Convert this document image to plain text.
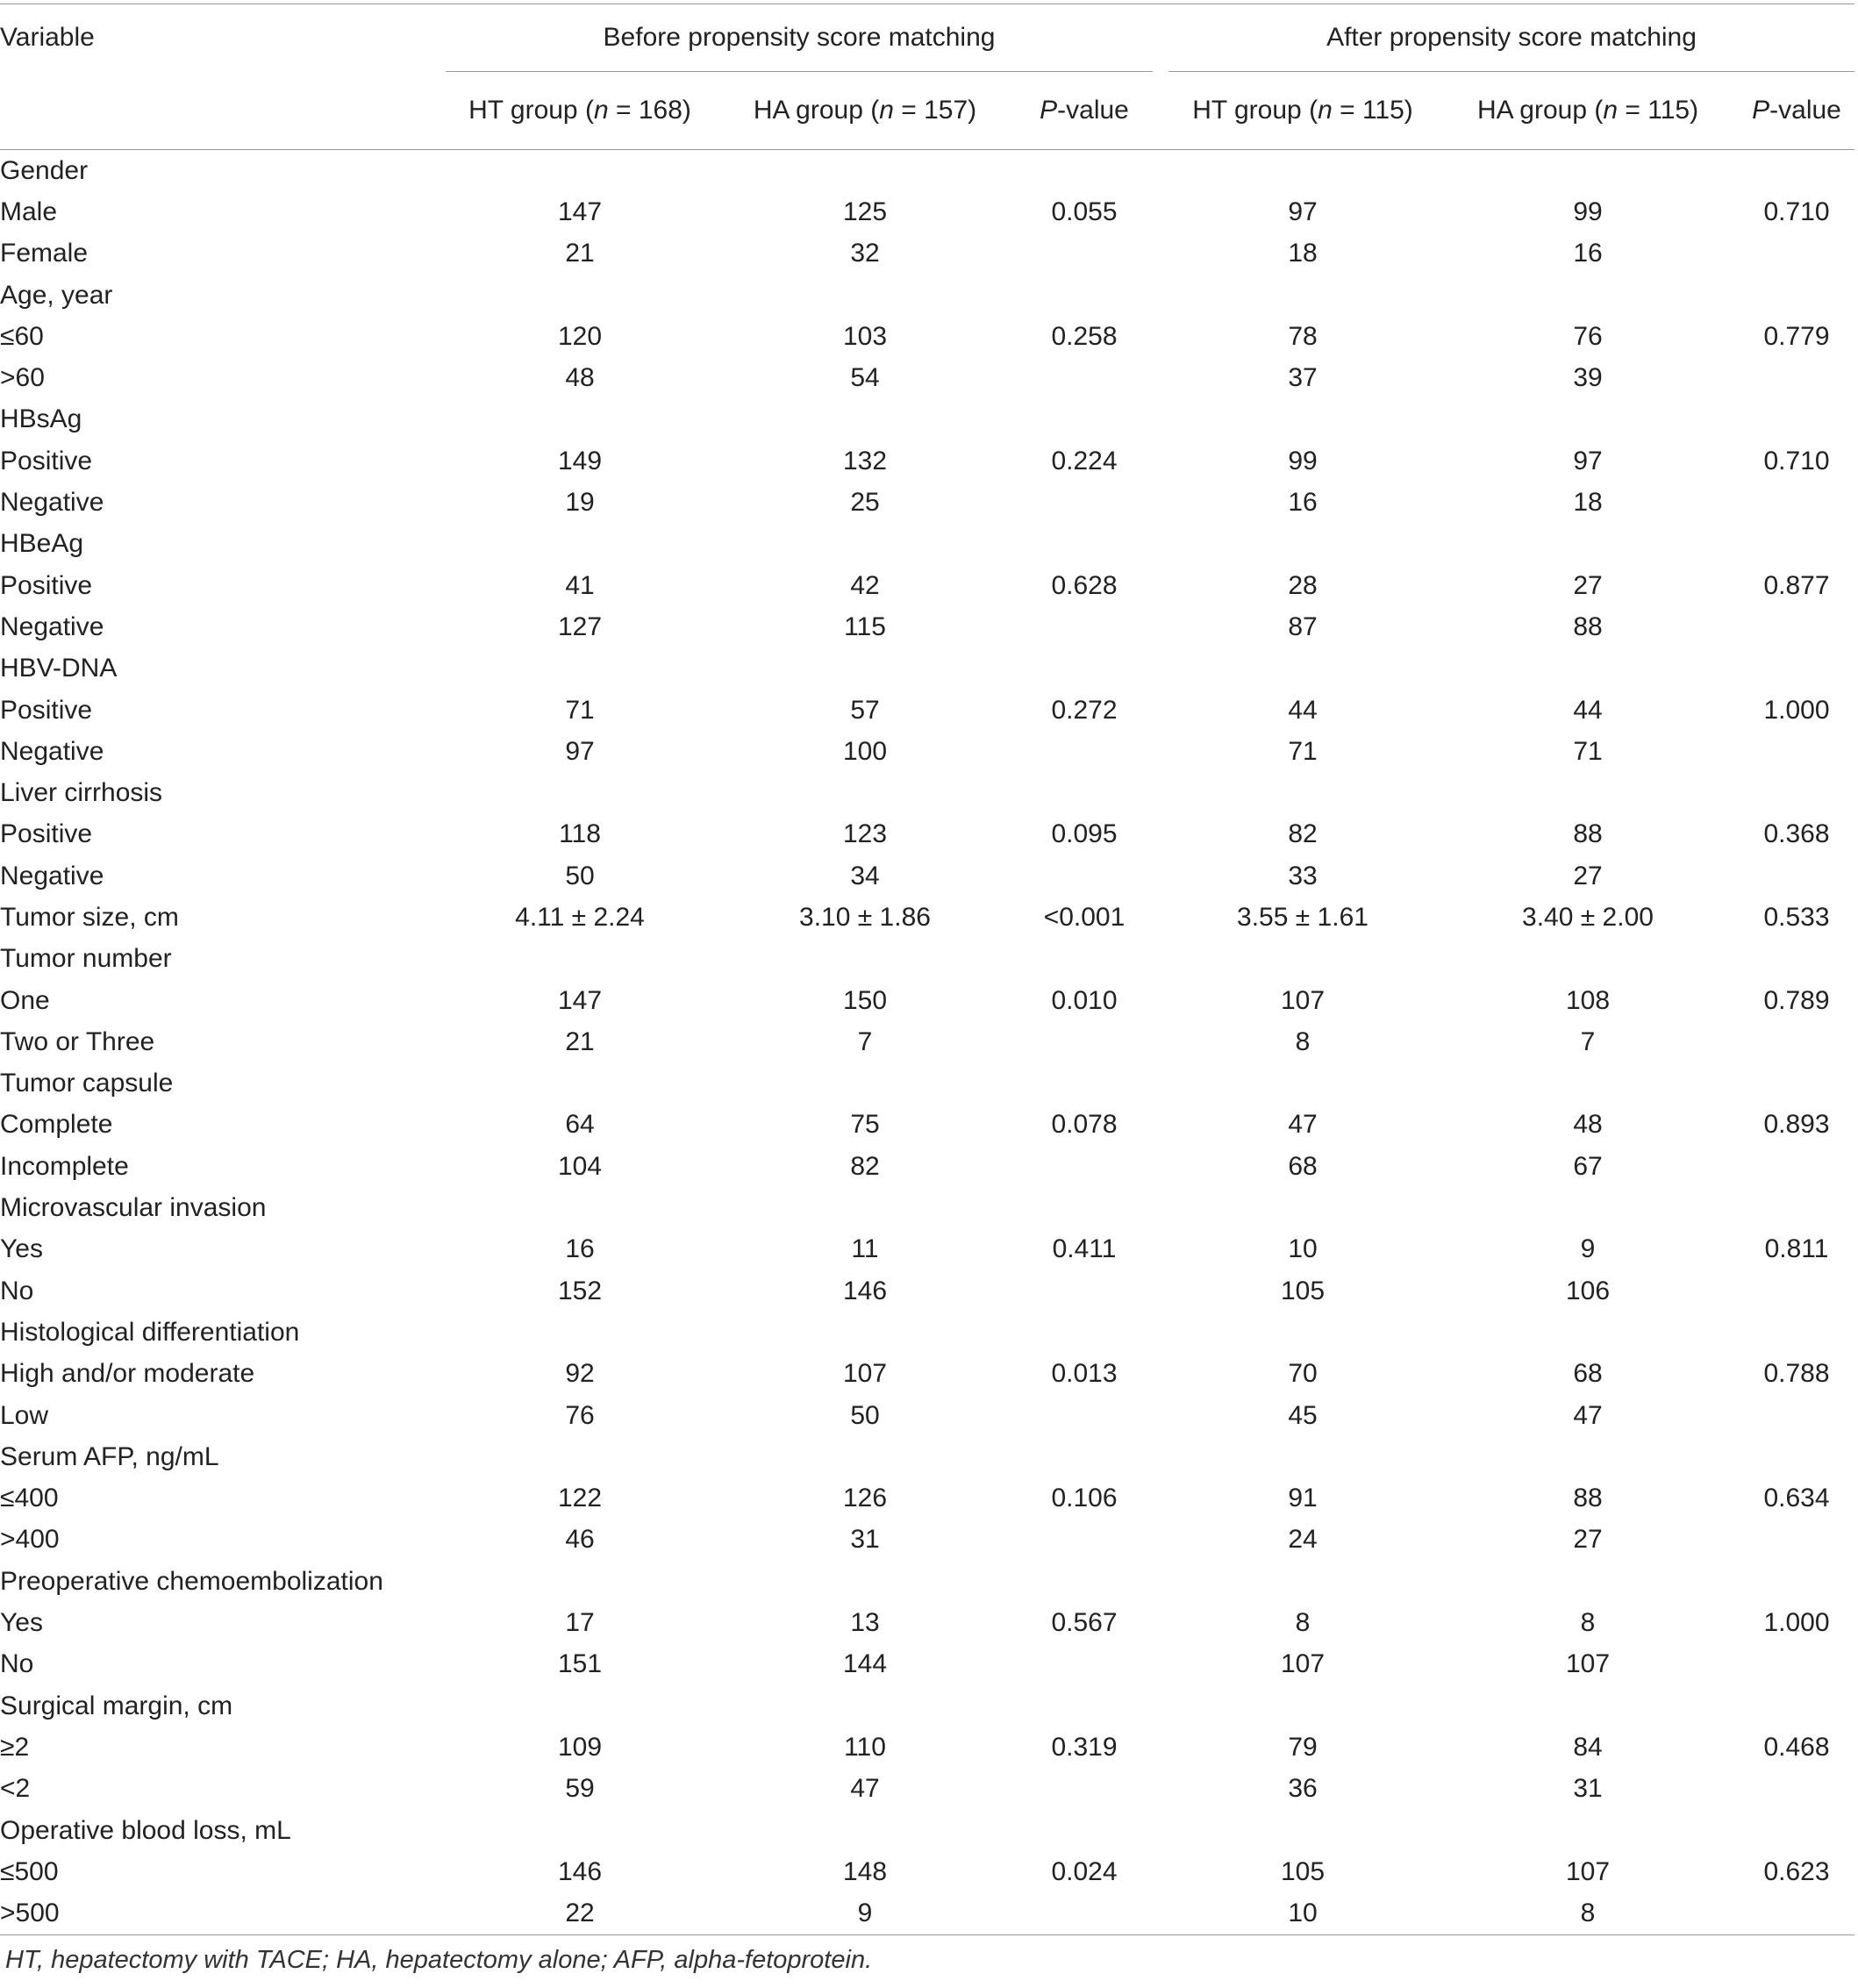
Variable	Before propensity score matching				After propensity score matching		
	HT group (n = 168)	HA group (n = 157)	P-value		HT group (n = 115)	HA group (n = 115)	P-value
Gender							
Male	147	125	0.055		97	99	0.710
Female	21	32			18	16	
Age, year							
≤60	120	103	0.258		78	76	0.779
>60	48	54			37	39	
HBsAg							
Positive	149	132	0.224		99	97	0.710
Negative	19	25			16	18	
HBeAg							
Positive	41	42	0.628		28	27	0.877
Negative	127	115			87	88	
HBV-DNA							
Positive	71	57	0.272		44	44	1.000
Negative	97	100			71	71	
Liver cirrhosis							
Positive	118	123	0.095		82	88	0.368
Negative	50	34			33	27	
Tumor size, cm	4.11 ± 2.24	3.10 ± 1.86	<0.001		3.55 ± 1.61	3.40 ± 2.00	0.533
Tumor number							
One	147	150	0.010		107	108	0.789
Two or Three	21	7			8	7	
Tumor capsule							
Complete	64	75	0.078		47	48	0.893
Incomplete	104	82			68	67	
Microvascular invasion							
Yes	16	11	0.411		10	9	0.811
No	152	146			105	106	
Histological differentiation							
High and/or moderate	92	107	0.013		70	68	0.788
Low	76	50			45	47	
Serum AFP, ng/mL							
≤400	122	126	0.106		91	88	0.634
>400	46	31			24	27	
Preoperative chemoembolization							
Yes	17	13	0.567		8	8	1.000
No	151	144			107	107	
Surgical margin, cm							
≥2	109	110	0.319		79	84	0.468
<2	59	47			36	31	
Operative blood loss, mL							
≤500	146	148	0.024		105	107	0.623
>500	22	9			10	8	
HT, hepatectomy with TACE; HA, hepatectomy alone; AFP, alpha-fetoprotein.
